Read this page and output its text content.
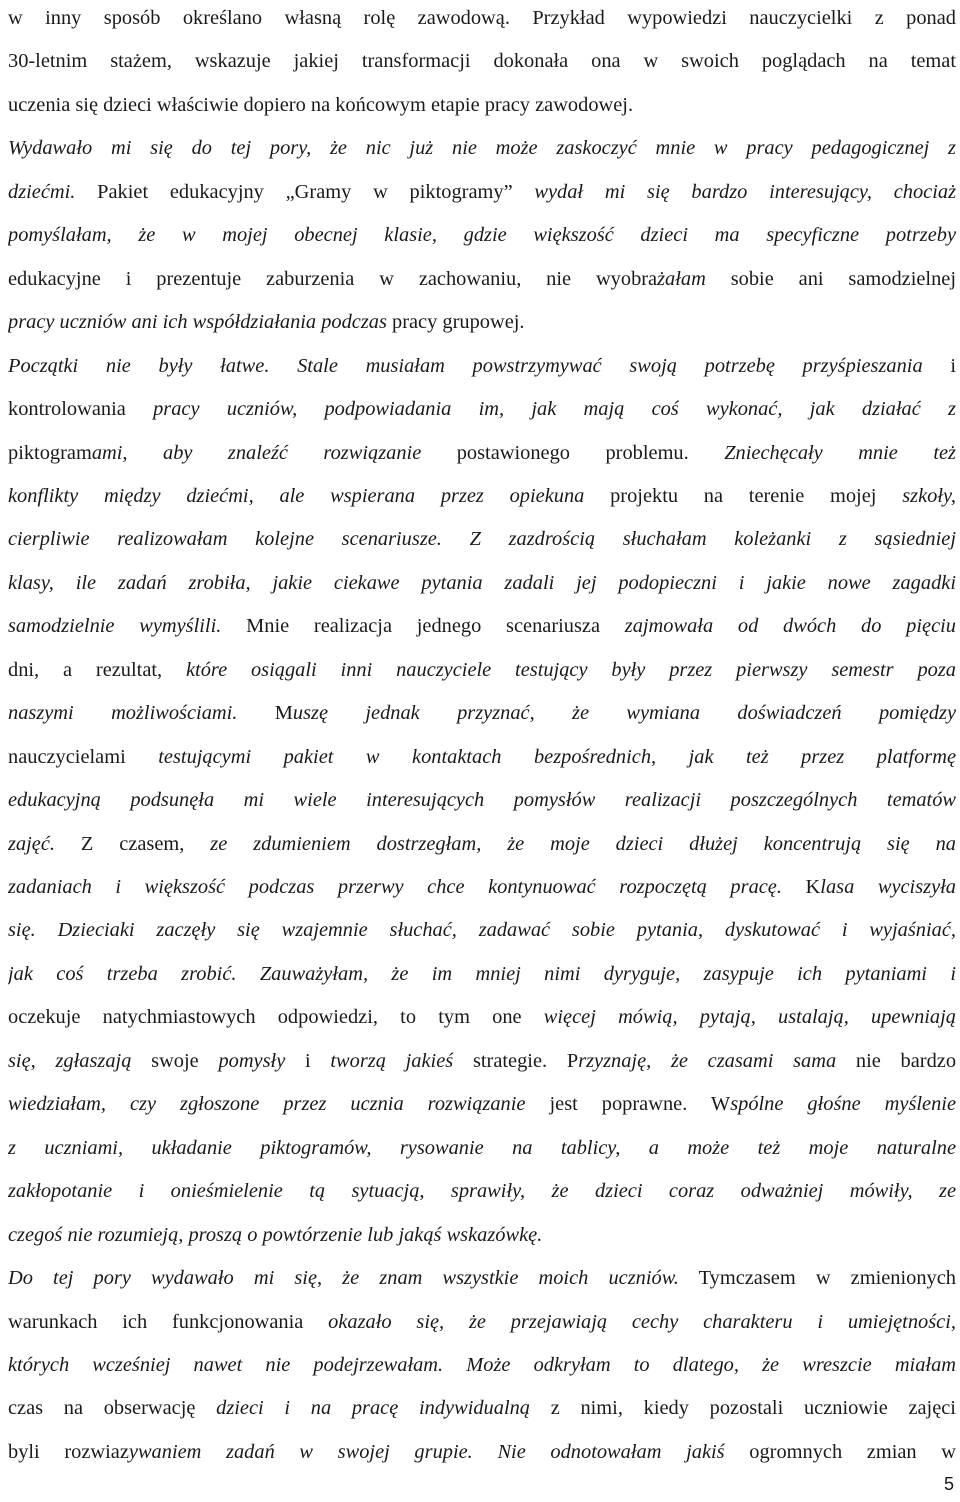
w inny sposób określano własną rolę zawodową. Przykład wypowiedzi nauczycielki z ponad
30-letnim stażem, wskazuje jakiej transformacji dokonała ona w swoich poglądach na temat
uczenia się dzieci właściwie dopiero na końcowym etapie pracy zawodowej.
Wydawało mi się do tej pory, że nic już nie może zaskoczyć mnie w pracy pedagogicznej z
dziećmi. Pakiet edukacyjny „Gramy w piktogramy” wydał mi się bardzo interesujący, chociaż
pomyślałam, że w mojej obecnej klasie, gdzie większość dzieci ma specyficzne potrzeby
edukacyjne i prezentuje zaburzenia w zachowaniu, nie wyobrażałam sobie ani samodzielnej
pracy uczniów ani ich współdziałania podczas pracy grupowej.
Początki nie były łatwe. Stale musiałam powstrzymywać swoją potrzebę przyśpieszania i
kontrolowania pracy uczniów, podpowiadania im, jak mają coś wykonać, jak działać z
piktogramami, aby znaleźć rozwiązanie postawionego problemu. Zniechęcały mnie też
konflikty między dziećmi, ale wspierana przez opiekuna projektu na terenie mojej szkoły,
cierpliwie realizowałam kolejne scenariusze. Z zazdrością słuchałam koleżanki z sąsiedniej
klasy, ile zadań zrobiła, jakie ciekawe pytania zadali jej podopieczni i jakie nowe zagadki
samodzielnie wymyślili. Mnie realizacja jednego scenariusza zajmowała od dwóch do pięciu
dni, a rezultat, które osiągali inni nauczyciele testujący były przez pierwszy semestr poza
naszymi możliwościami. Muszę jednak przyznać, że wymiana doświadczeń pomiędzy
nauczycielami testującymi pakiet w kontaktach bezpośrednich, jak też przez platformę
edukacyjną podsunęła mi wiele interesujących pomysłów realizacji poszczególnych tematów
zajęć. Z czasem, ze zdumieniem dostrzegłam, że moje dzieci dłużej koncentrują się na
zadaniach i większość podczas przerwy chce kontynuować rozpoczętą pracę. Klasa wyciszyła
się. Dzieciaki zaczęły się wzajemnie słuchać, zadawać sobie pytania, dyskutować i wyjaśniać,
jak coś trzeba zrobić. Zauważyłam, że im mniej nimi dyryguje, zasypuje ich pytaniami i
oczekuje natychmiastowych odpowiedzi, to tym one więcej mówią, pytają, ustalają, upewniają
się, zgłaszają swoje pomysły i tworzą jakieś strategie. Przyznaję, że czasami sama nie bardzo
wiedziałam, czy zgłoszone przez ucznia rozwiązanie jest poprawne. Wspólne głośne myślenie
z uczniami, układanie piktogramów, rysowanie na tablicy, a może też moje naturalne
zakłopotanie i onieśmielenie tą sytuacją, sprawiły, że dzieci coraz odważniej mówiły, ze
czegoś nie rozumieją, proszą o powtórzenie lub jakąś wskazówkę.
Do tej pory wydawało mi się, że znam wszystkie moich uczniów. Tymczasem w zmienionych
warunkach ich funkcjonowania okazało się, że przejawiają cechy charakteru i umiejętności,
których wcześniej nawet nie podejrzewałam. Może odkryłam to dlatego, że wreszcie miałam
czas na obserwację dzieci i na pracę indywidualną z nimi, kiedy pozostali uczniowie zajęci
byli rozwiazywaniem zadań w swojej grupie. Nie odnotowałam jakiś ogromnych zmian w
5
